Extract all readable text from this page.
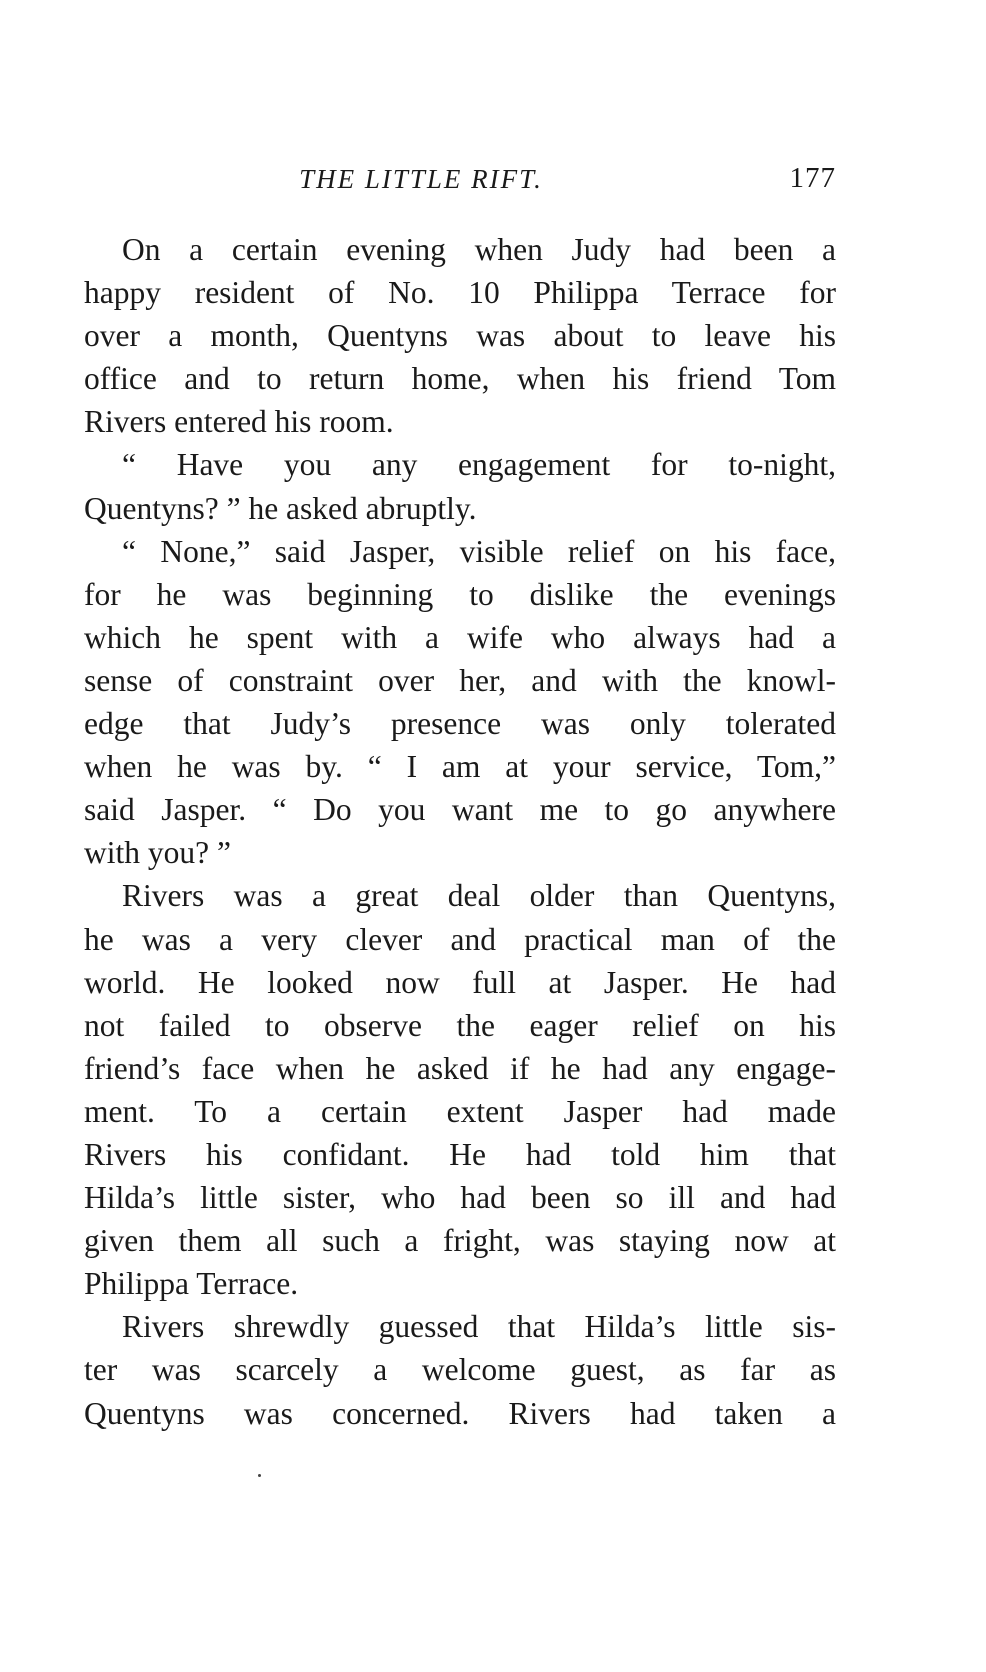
THE LITTLE RIFT.	177
On a certain evening when Judy had been a
happy resident of No. 10 Philippa Terrace for
over a month, Quentyns was about to leave his
office and to return home, when his friend Tom
Rivers entered his room.
“ Have you any engagement for to-night,
Quentyns? ” he asked abruptly.
“ None,” said Jasper, visible relief on his face,
for he was beginning to dislike the evenings
which he spent with a wife who always had a
sense of constraint over her, and with the knowl-
edge that Judy’s presence was only tolerated
when he was by. “ I am at your service, Tom,”
said Jasper. “ Do you want me to go anywhere
with you? ”
Rivers was a great deal older than Quentyns,
he was a very clever and practical man of the
world. He looked now full at Jasper. He had
not failed to observe the eager relief on his
friend’s face when he asked if he had any engage-
ment. To a certain extent Jasper had made
Rivers his confidant. He had told him that
Hilda’s little sister, who had been so ill and had
given them all such a fright, was staying now at
Philippa Terrace.
Rivers shrewdly guessed that Hilda’s little sis-
ter was scarcely a welcome guest, as far as
Quentyns was concerned. Rivers had taken a
